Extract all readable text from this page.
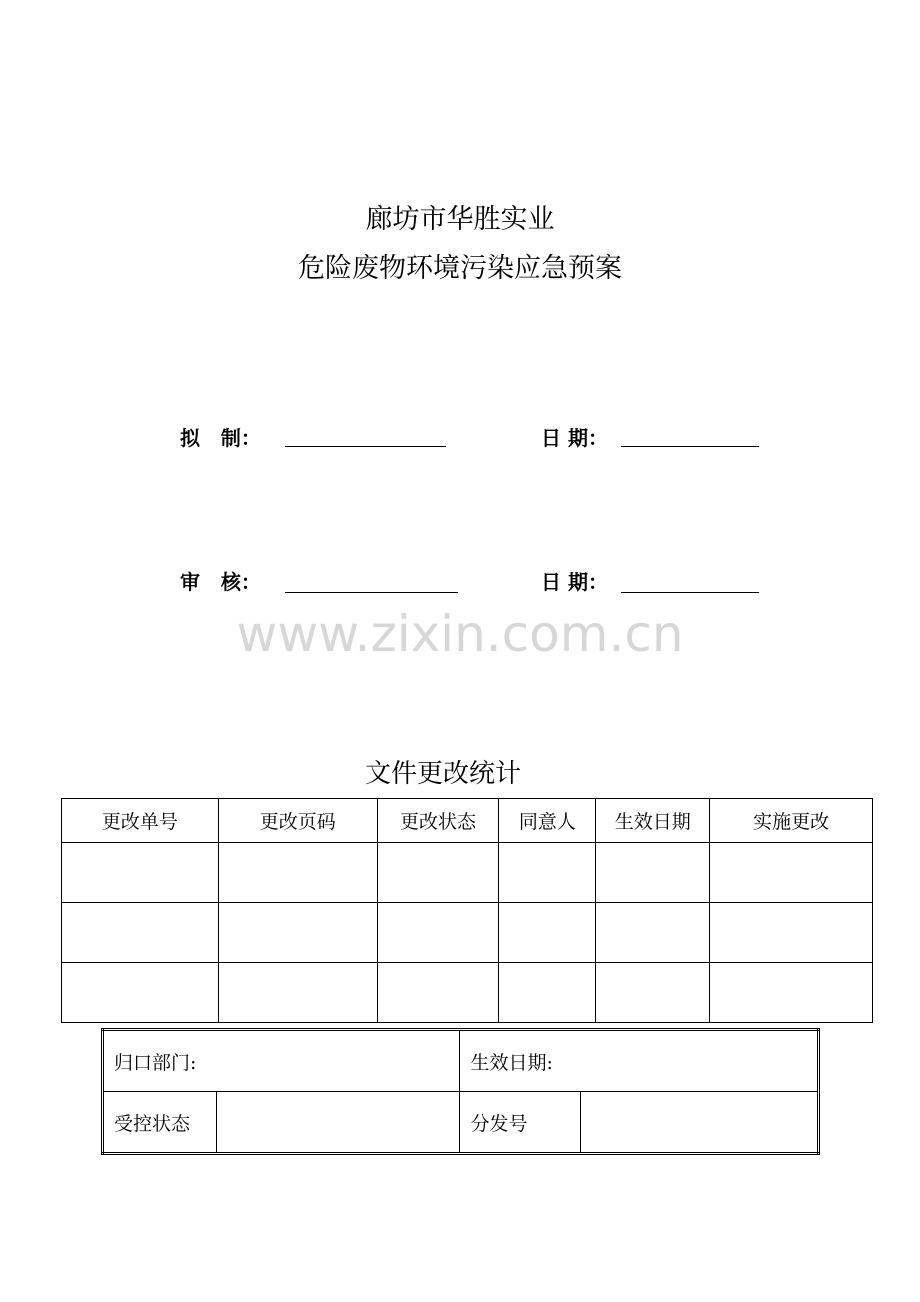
廊坊市华胜实业
危险废物环境污染应急预案
拟   制：	日 期：
审   核：	日 期：
www.zixin.com.cn
文件更改统计
更改单号	更改页码	更改状态	同意人	生效日期	实施更改

归口部门:		生效日期:	
受控状态		分发号	
